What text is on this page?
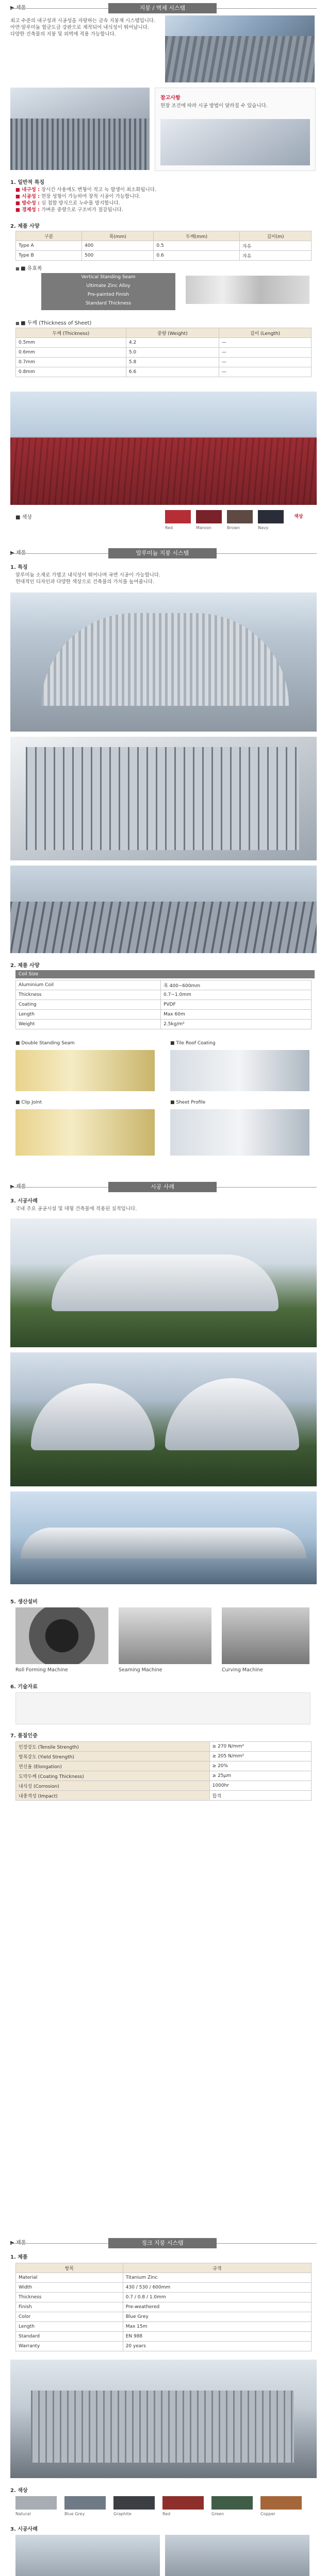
지붕 / 벽체 시스템
최고 수준의 내구성과 시공성을 자랑하는 금속 지붕재 시스템입니다.
아연·알루미늄 합금도금 강판으로 제작되어 내식성이 뛰어납니다.
다양한 건축물의 지붕 및 외벽에 적용 가능합니다.
참고사항
현장 조건에 따라 시공 방법이 달라질 수 있습니다.
1. 일반적 특징
■ 내구성 : 장시간 사용에도 변형이 적고 녹 발생이 최소화됩니다.
■ 시공성 : 현장 성형이 가능하여 장척 시공이 가능합니다.
■ 방수성 : 심 접합 방식으로 누수를 방지합니다.
■ 경제성 : 가벼운 중량으로 구조비가 절감됩니다.
2. 제품 사양
구분	폭(mm)	두께(mm)	길이(m)
Type A	400	0.5	자유
Type B	500	0.6	자유
■ ■ 유효폭
Vertical Standing Seam
Ultimate Zinc Alloy
Pre-painted Finish
Standard Thickness
■ ■ 두께 (Thickness of Sheet)
두께 (Thickness)	중량 (Weight)	길이 (Length)
0.5mm	4.2	—
0.6mm	5.0	—
0.7mm	5.8	—
0.8mm	6.6	—
■ 색상
Red	Maroon	Brown	Navy
색상
알루미늄 지붕 시스템
1. 특징
알루미늄 소재로 가볍고 내식성이 뛰어나며 곡면 시공이 가능합니다.
현대적인 디자인과 다양한 색상으로 건축물의 가치를 높여줍니다.
2. 제품 사양
Coil Size
Aluminium Coil	폭 400~600mm
Thickness	0.7~1.0mm
Coating	PVDF
Length	Max 60m
Weight	2.5kg/m²
■ Double Standing Seam	■ Tile Roof Coating
■ Clip Joint	■ Sheet Profile
시공 사례
3. 시공사례
국내 주요 공공시설 및 대형 건축물에 적용된 실적입니다.
5. 생산설비
Roll Forming Machine	Seaming Machine	Curving Machine
6. 기술자료
7. 품질인증
인장강도 (Tensile Strength)	≥ 270 N/mm²
항복강도 (Yield Strength)	≥ 205 N/mm²
연신율 (Elongation)	≥ 20%
도막두께 (Coating Thickness)	≥ 25μm
내식성 (Corrosion)	1000hr
내충격성 (Impact)	합격
징크 지붕 시스템
1. 제품
항목	규격
Material	Titanium Zinc
Width	430 / 530 / 600mm
Thickness	0.7 / 0.8 / 1.0mm
Finish	Pre-weathered
Color	Blue Grey
Length	Max 15m
Standard	EN 988
Warranty	20 years
2. 색상
Natural	Blue Grey	Graphite	Red	Green	Copper
3. 시공사례
